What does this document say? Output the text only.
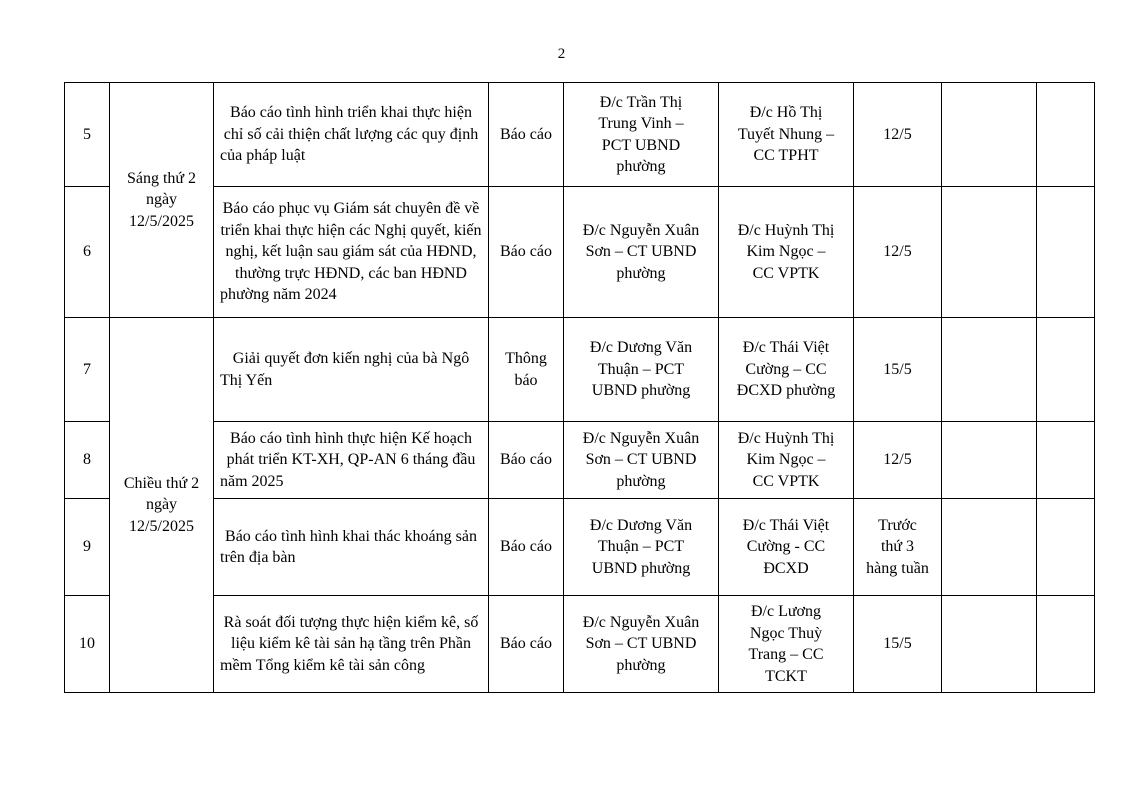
2
5	Sáng thứ 2
ngày
12/5/2025	Báo cáo tình hình triển khai thực hiện chỉ số cải thiện chất lượng các quy định của pháp luật	Báo cáo	Đ/c Trần Thị
Trung Vinh –
PCT UBND
phường	Đ/c Hồ Thị
Tuyết Nhung –
CC TPHT	12/5		

6		Báo cáo phục vụ Giám sát chuyên đề về triển khai thực hiện các Nghị quyết, kiến nghị, kết luận sau giám sát của HĐND, thường trực HĐND, các ban HĐND phường năm 2024	Báo cáo	Đ/c Nguyễn Xuân
Sơn – CT UBND
phường	Đ/c Huỳnh Thị
Kim Ngọc –
CC VPTK	12/5		

7	Chiều thứ 2
ngày
12/5/2025	Giải quyết đơn kiến nghị của bà Ngô Thị Yến	Thông
báo	Đ/c Dương Văn
Thuận – PCT
UBND phường	Đ/c Thái Việt
Cường – CC
ĐCXD phường	15/5		

8		Báo cáo tình hình thực hiện Kế hoạch phát triển KT-XH, QP-AN 6 tháng đầu năm 2025	Báo cáo	Đ/c Nguyễn Xuân
Sơn – CT UBND
phường	Đ/c Huỳnh Thị
Kim Ngọc –
CC VPTK	12/5		

9		Báo cáo tình hình khai thác khoáng sản trên địa bàn	Báo cáo	Đ/c Dương Văn
Thuận – PCT
UBND phường	Đ/c Thái Việt
Cường - CC
ĐCXD	Trước
thứ 3
hàng tuần		

10		Rà soát đối tượng thực hiện kiểm kê, số liệu kiểm kê tài sản hạ tầng trên Phần mềm Tổng kiểm kê tài sản công	Báo cáo	Đ/c Nguyễn Xuân
Sơn – CT UBND
phường	Đ/c Lương
Ngọc Thuỳ
Trang – CC
TCKT	15/5		
